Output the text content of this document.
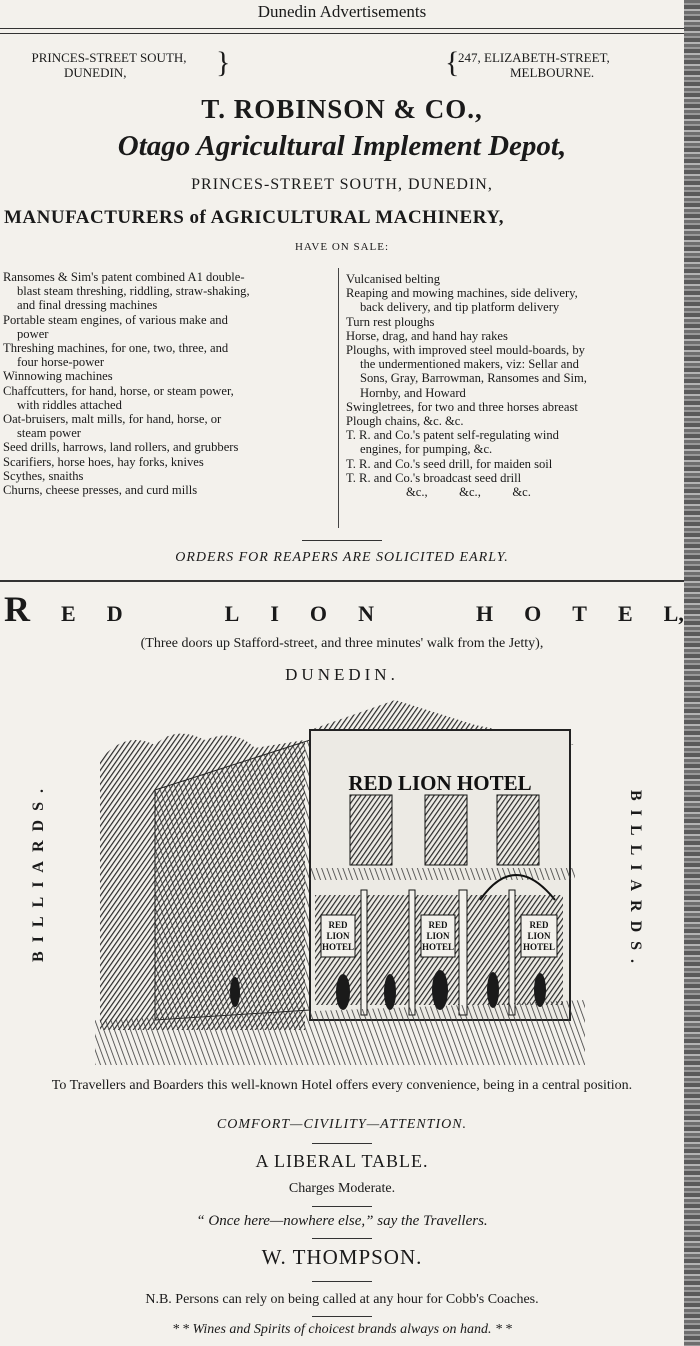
Dunedin Advertisements
PRINCES-STREET SOUTH,
DUNEDIN,	}	{
247, ELIZABETH-STREET,
MELBOURNE.
T. ROBINSON & CO.,
Otago Agricultural Implement Depot,
PRINCES-STREET SOUTH, DUNEDIN,
MANUFACTURERS of AGRICULTURAL MACHINERY,
HAVE ON SALE:

Ransomes & Sim's patent combined A1 double-
blast steam threshing, riddling, straw-shaking,
and final dressing machines

Portable steam engines, of various make and
power

Threshing machines, for one, two, three, and
four horse-power

Winnowing machines

Chaffcutters, for hand, horse, or steam power,
with riddles attached

Oat-bruisers, malt mills, for hand, horse, or
steam power

Seed drills, harrows, land rollers, and grubbers

Scarifiers, horse hoes, hay forks, knives

Scythes, snaiths

Churns, cheese presses, and curd mills

Vulcanised belting

Reaping and mowing machines, side delivery,
back delivery, and tip platform delivery

Turn rest ploughs

Horse, drag, and hand hay rakes

Ploughs, with improved steel mould-boards, by
the undermentioned makers, viz: Sellar and
Sons, Gray, Barrowman, Ransomes and Sim,
Hornby, and Howard

Swingletrees, for two and three horses abreast

Plough chains, &c. &c.

T. R. and Co.'s patent self-regulating wind
engines, for pumping, &c.

T. R. and Co.'s seed drill, for maiden soil

T. R. and Co.'s broadcast seed drill

&c.,          &c.,          &c.

ORDERS FOR REAPERS ARE SOLICITED EARLY.
R E D	L I O N	H O T E L,
(Three doors up Stafford-street, and three minutes' walk from the Jetty),
DUNEDIN.
BILLIARDS.	BILLIARDS.
RED LION HOTEL
RED
LION
HOTEL
RED
LION
HOTEL
RED
LION
HOTEL
To Travellers and Boarders this well-known Hotel offers every convenience, being in a central position.
COMFORT—CIVILITY—ATTENTION.
A LIBERAL TABLE.
Charges Moderate.
“ Once here—nowhere else,” say the Travellers.
W. THOMPSON.
N.B. Persons can rely on being called at any hour for Cobb's Coaches.
* * Wines and Spirits of choicest brands always on hand. * *
